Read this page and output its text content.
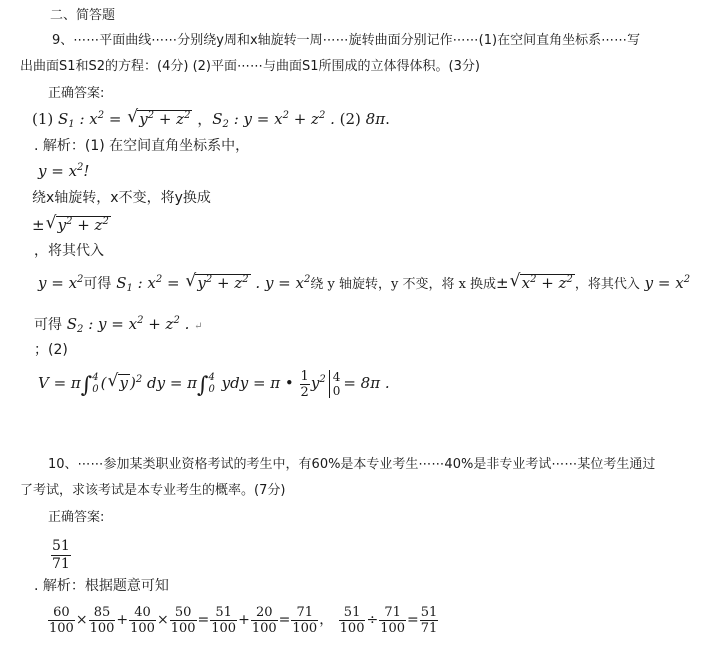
二、简答题
9、⋯⋯平面曲线⋯⋯分别绕y周和x轴旋转一周⋯⋯旋转曲面分别记作⋯⋯(1)在空间直角坐标系⋯⋯写
出曲面S1和S2的方程：(4分) (2)平面⋯⋯与曲面S1所围成的立体得体积。(3分)
正确答案:
(1) $S_1$ : $x^2$ = √ $y^2 + z^2$ ，$S_2$ : $y = x^2 + z^2$ . (2) 8π.
. 解析：(1) 在空间直角坐标系中，
$y = x^2$!
绕x轴旋转，x不变，将y换成
± √ $y^2 + z^2$
，将其代入
$y = x^2$可得 $S_1$ : $x^2$ = √ $y^2 + z^2$ . $y = x^2$绕 y 轴旋转，y 不变，将 x 换成± √ $x^2 + z^2$ ，将其代入 $y = x^2$
可得 $S_2$ : $y = x^2 + z^2$ . ↵
；(2)
V = π∫ 4
0 ( √ y )$^2$ dy = π∫ 4
0 ydy = π • $\frac{1}{2} y^2$ 4
0 = 8π .
10、⋯⋯参加某类职业资格考试的考生中，有60%是本专业考生⋯⋯40%是非专业考试⋯⋯某位考生通过
了考试，求该考试是本专业考生的概率。(7分)
正确答案:
$\frac{51}{71}$
. 解析：根据题意可知
$\frac{60}{100} \times \frac{85}{100} + \frac{40}{100} \times \frac{50}{100} = \frac{51}{100} + \frac{20}{100} = \frac{71}{100}$ ， $\frac{51}{100} \div \frac{71}{100} = \frac{51}{71}$
